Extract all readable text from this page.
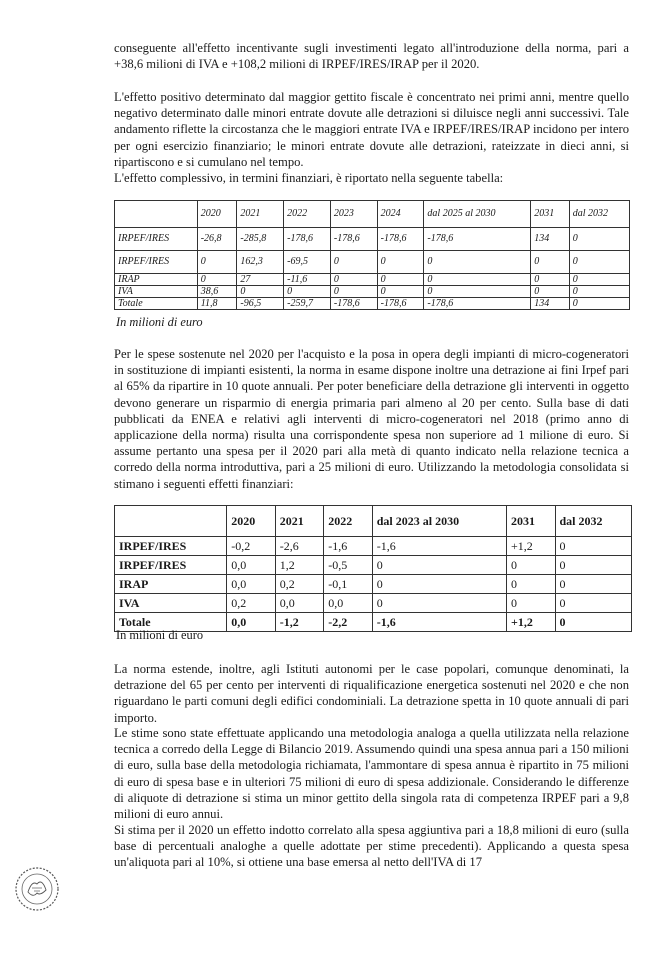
conseguente all'effetto incentivante sugli investimenti legato all'introduzione della norma, pari a +38,6 milioni di IVA e +108,2 milioni di IRPEF/IRES/IRAP per il 2020.

L'effetto positivo determinato dal maggior gettito fiscale è concentrato nei primi anni, mentre quello negativo determinato dalle minori entrate dovute alle detrazioni si diluisce negli anni successivi. Tale andamento riflette la circostanza che le maggiori entrate IVA e IRPEF/IRES/IRAP incidono per intero per ogni esercizio finanziario; le minori entrate dovute alle detrazioni, rateizzate in dieci anni, si ripartiscono e si cumulano nel tempo.

L'effetto complessivo, in termini finanziari, è riportato nella seguente tabella:

	2020	2021	2022	2023	2024	dal 2025 al 2030	2031	dal 2032
IRPEF/IRES	-26,8	-285,8	-178,6	-178,6	-178,6	-178,6	134	0
IRPEF/IRES	0	162,3	-69,5	0	0	0	0	0
IRAP	0	27	-11,6	0	0	0	0	0
IVA	38,6	0	0	0	0	0	0	0
Totale	11,8	-96,5	-259,7	-178,6	-178,6	-178,6	134	0
In milioni di euro

Per le spese sostenute nel 2020 per l'acquisto e la posa in opera degli impianti di micro-cogeneratori in sostituzione di impianti esistenti, la norma in esame dispone inoltre una detrazione ai fini Irpef pari al 65% da ripartire in 10 quote annuali. Per poter beneficiare della detrazione gli interventi in oggetto devono generare un risparmio di energia primaria pari almeno al 20 per cento. Sulla base di dati pubblicati da ENEA e relativi agli interventi di micro-cogeneratori nel 2018 (primo anno di applicazione della norma) risulta una corrispondente spesa non superiore ad 1 milione di euro. Si assume pertanto una spesa per il 2020 pari alla metà di quanto indicato nella relazione tecnica a corredo della norma introduttiva, pari a 25 milioni di euro. Utilizzando la metodologia consolidata si stimano i seguenti effetti finanziari:

	2020	2021	2022	dal 2023 al 2030	2031	dal 2032
IRPEF/IRES	-0,2	-2,6	-1,6	-1,6	+1,2	0
IRPEF/IRES	0,0	1,2	-0,5	0	0	0
IRAP	0,0	0,2	-0,1	0	0	0
IVA	0,2	0,0	0,0	0	0	0
Totale	0,0	-1,2	-2,2	-1,6	+1,2	0
In milioni di euro

La norma estende, inoltre, agli Istituti autonomi per le case popolari, comunque denominati, la detrazione del 65 per cento per interventi di riqualificazione energetica sostenuti nel 2020 e che non riguardano le parti comuni degli edifici condominiali. La detrazione spetta in 10 quote annuali di pari importo.

Le stime sono state effettuate applicando una metodologia analoga a quella utilizzata nella relazione tecnica a corredo della Legge di Bilancio 2019. Assumendo quindi una spesa annua pari a 150 milioni di euro, sulla base della metodologia richiamata, l'ammontare di spesa annua è ripartito in 75 milioni di euro di spesa base e in ulteriori 75 milioni di euro di spesa addizionale. Considerando le differenze di aliquote di detrazione si stima un minor gettito della singola rata di competenza IRPEF pari a 9,8 milioni di euro annui.

Si stima per il 2020 un effetto indotto correlato alla spesa aggiuntiva pari a 18,8 milioni di euro (sulla base di percentuali analoghe a quelle adottate per stime precedenti). Applicando a questa spesa un'aliquota pari al 10%, si ottiene una base emersa al netto dell'IVA di 17
